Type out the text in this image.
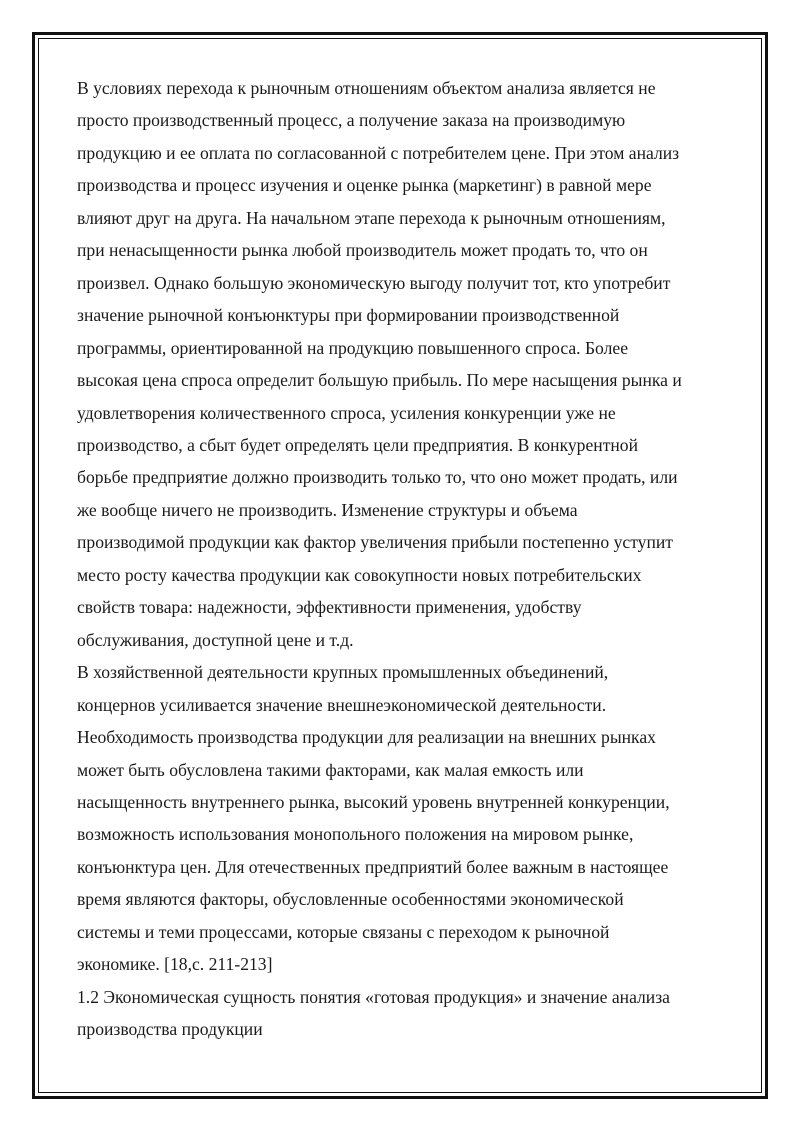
В условиях перехода к рыночным отношениям объектом анализа является не
просто производственный процесс, а получение заказа на производимую
продукцию и ее оплата по согласованной с потребителем цене. При этом анализ
производства и процесс изучения и оценке рынка (маркетинг) в равной мере
влияют друг на друга. На начальном этапе перехода к рыночным отношениям,
при ненасыщенности рынка любой производитель может продать то, что он
произвел. Однако большую экономическую выгоду получит тот, кто употребит
значение рыночной конъюнктуры при формировании производственной
программы, ориентированной на продукцию повышенного спроса. Более
высокая цена спроса определит большую прибыль. По мере насыщения рынка и
удовлетворения количественного спроса, усиления конкуренции уже не
производство, а сбыт будет определять цели предприятия. В конкурентной
борьбе предприятие должно производить только то, что оно может продать, или
же вообще ничего не производить. Изменение структуры и объема
производимой продукции как фактор увеличения прибыли постепенно уступит
место росту качества продукции как совокупности новых потребительских
свойств товара: надежности, эффективности применения, удобству
обслуживания, доступной цене и т.д.
В хозяйственной деятельности крупных промышленных объединений,
концернов усиливается значение внешнеэкономической деятельности.
Необходимость производства продукции для реализации на внешних рынках
может быть обусловлена такими факторами, как малая емкость или
насыщенность внутреннего рынка, высокий уровень внутренней конкуренции,
возможность использования монопольного положения на мировом рынке,
конъюнктура цен. Для отечественных предприятий более важным в настоящее
время являются факторы, обусловленные особенностями экономической
системы и теми процессами, которые связаны с переходом к рыночной
экономике. [18,с. 211-213]
1.2 Экономическая сущность понятия «готовая продукция» и значение анализа
производства продукции
